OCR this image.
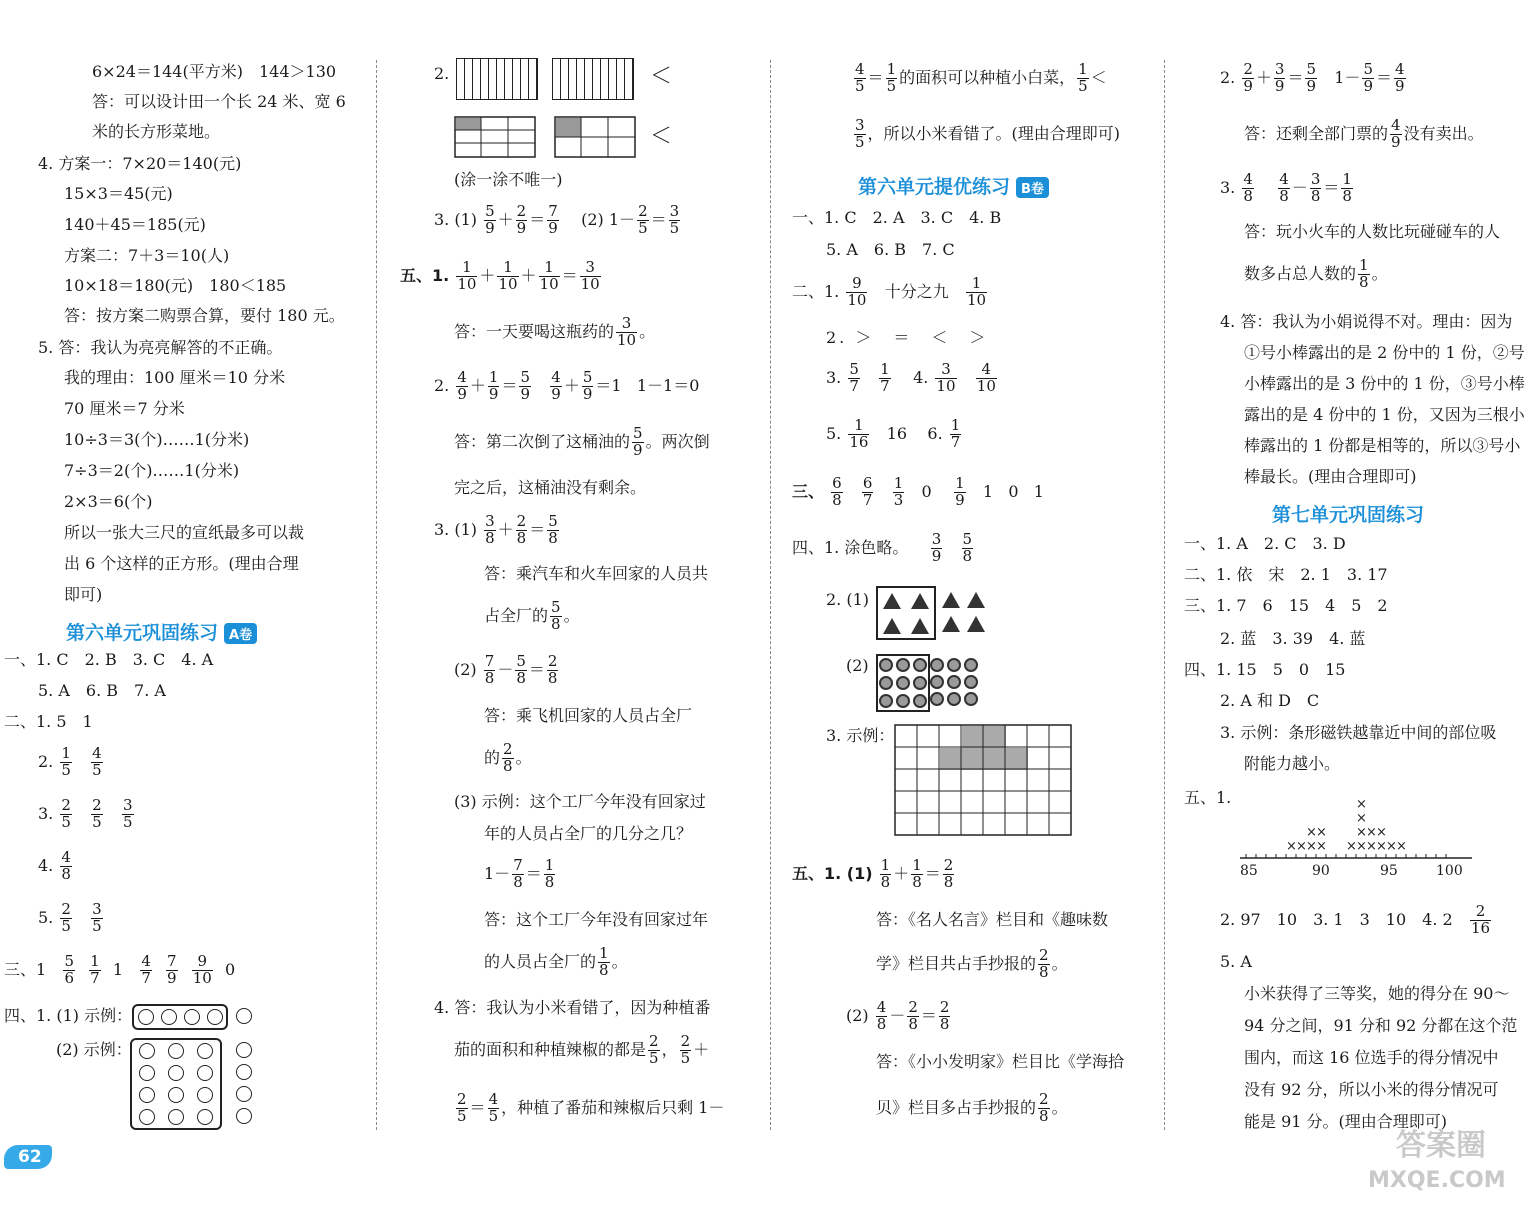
6×24＝144(平方米)　144＞130
答：可以设计田一个长 24 米、宽 6
米的长方形菜地。
4. 方案一：7×20＝140(元)
15×3＝45(元)
140＋45＝185(元)
方案二：7＋3＝10(人)
10×18＝180(元)　180＜185
答：按方案二购票合算，要付 180 元。
5. 答：我认为亮亮解答的不正确。
我的理由：100 厘米＝10 分米
70 厘米＝7 分米
10÷3＝3(个)……1(分米)
7÷3＝2(个)……1(分米)
2×3＝6(个)
所以一张大三尺的宣纸最多可以裁
出 6 个这样的正方形。(理由合理
即可)
第六单元巩固练习 A卷
一、1. C　2. B　3. C　4. A
5. A　6. B　7. A
二、1. 5　1
2. $\frac{1}{5}$
$\frac{4}{5}$
3. $\frac{2}{5}$
$\frac{2}{5}$
$\frac{3}{5}$
4. $\frac{4}{8}$
5. $\frac{2}{5}$
$\frac{3}{5}$
三、$1 \frac{5}{6}$
$\frac{1}{7} 1 \frac{4}{7}$
$\frac{7}{9}$
$\frac{9}{10} 0$
四、1. (1) 示例：
(2) 示例：
2.	＜
＜
(涂一涂不唯一)
3. $(1) \frac{5}{9} + \frac{2}{9} = \frac{7}{9} (2)$ $1- \frac{2}{5} = \frac{3}{5}$
五、1. $\frac{1}{10} + \frac{1}{10} + \frac{1}{10} = \frac{3}{10}$
答：一天要喝这瓶药的 $\frac{3}{10}$ 。
2. $\frac{4}{9} + \frac{1}{9} = \frac{5}{9}$
$\frac{4}{9} + \frac{5}{9} =1$   1－1＝0
答：第二次倒了这桶油的 $\frac{5}{9}$ 。两次倒
完之后，这桶油没有剩余。
3. $(1) \frac{3}{8} + \frac{2}{8} = \frac{5}{8}$
答：乘汽车和火车回家的人员共
占全厂的 $\frac{5}{8}$ 。
$(2) \frac{7}{8} - \frac{5}{8} = \frac{2}{8}$
答：乘飞机回家的人员占全厂
的 $\frac{2}{8}$ 。
(3) 示例：这个工厂今年没有回家过
年的人员占全厂的几分之几？
$1- \frac{7}{8} = \frac{1}{8}$
答：这个工厂今年没有回家过年
的人员占全厂的 $\frac{1}{8}$ 。
4. 答：我认为小米看错了，因为种植番
茄的面积和种植辣椒的都是 $\frac{2}{5}$ ， $\frac{2}{5}$ ＋
$\frac{2}{5} = \frac{4}{5}$ ，种植了番茄和辣椒后只剩 1－
$\frac{4}{5} = \frac{1}{5}$ 的面积可以种植小白菜， $\frac{1}{5}$ ＜
$\frac{3}{5}$ ，所以小米看错了。(理由合理即可)
第六单元提优练习 B卷
一、1. C　2. A　3. C　4. B
5. A　6. B　7. C
二、1. $\frac{9}{10}$ 十分之九 $\frac{1}{10}$
2. ＞　＝　＜　＞
3. $\frac{5}{7}$
$\frac{1}{7} 4$. $\frac{3}{10}$
$\frac{4}{10}$
5. $\frac{1}{16} 16$ 6. $\frac{1}{7}$
三、 $\frac{6}{8}$
$\frac{6}{7}$
$\frac{1}{3} 0 \frac{1}{9} 1$ 0 1
四、1. 涂色略。 $\frac{3}{9}$
$\frac{5}{8}$
2. (1)
(2)
3. 示例：
五、1. $(1) \frac{1}{8} + \frac{1}{8} = \frac{2}{8}$
答：《名人名言》栏目和《趣味数
学》栏目共占手抄报的 $\frac{2}{8}$ 。
$(2) \frac{4}{8} - \frac{2}{8} = \frac{2}{8}$
答：《小小发明家》栏目比《学海拾
贝》栏目多占手抄报的 $\frac{2}{8}$ 。
2. $\frac{2}{9} + \frac{3}{9} = \frac{5}{9} 1- \frac{5}{9} = \frac{4}{9}$
答：还剩全部门票的 $\frac{4}{9}$ 没有卖出。
3. $\frac{4}{8}$
$\frac{4}{8} - \frac{3}{8} = \frac{1}{8}$
答：玩小火车的人数比玩碰碰车的人
数多占总人数的 $\frac{1}{8}$ 。
4. 答：我认为小娟说得不对。理由：因为
①号小棒露出的是 2 份中的 1 份，②号
小棒露出的是 3 份中的 1 份，③号小棒
露出的是 4 份中的 1 份，又因为三根小
棒露出的 1 份都是相等的，所以③号小
棒最长。(理由合理即可)
第七单元巩固练习
一、1. A　2. C　3. D
二、1. 依　宋　2. 1　3. 17
三、1. 7　6　15　4　5　2
2. 蓝　3. 39　4. 蓝
四、1. 15　5　0　15
2. A 和 D　C
3. 示例：条形磁铁越靠近中间的部位吸
附能力越小。
五、1.
× × × ×
× ×
× × × × × ×
× × ×
×
×
85	90	95	100
2. 97　10　3. 1　3　10　4. $2 \frac{2}{16}$
5. A
小米获得了三等奖，她的得分在 90～
94 分之间，91 分和 92 分都在这个范
围内，而这 16 位选手的得分情况中
没有 92 分，所以小米的得分情况可
能是 91 分。(理由合理即可)
62	答案圈
MXQE.COM
